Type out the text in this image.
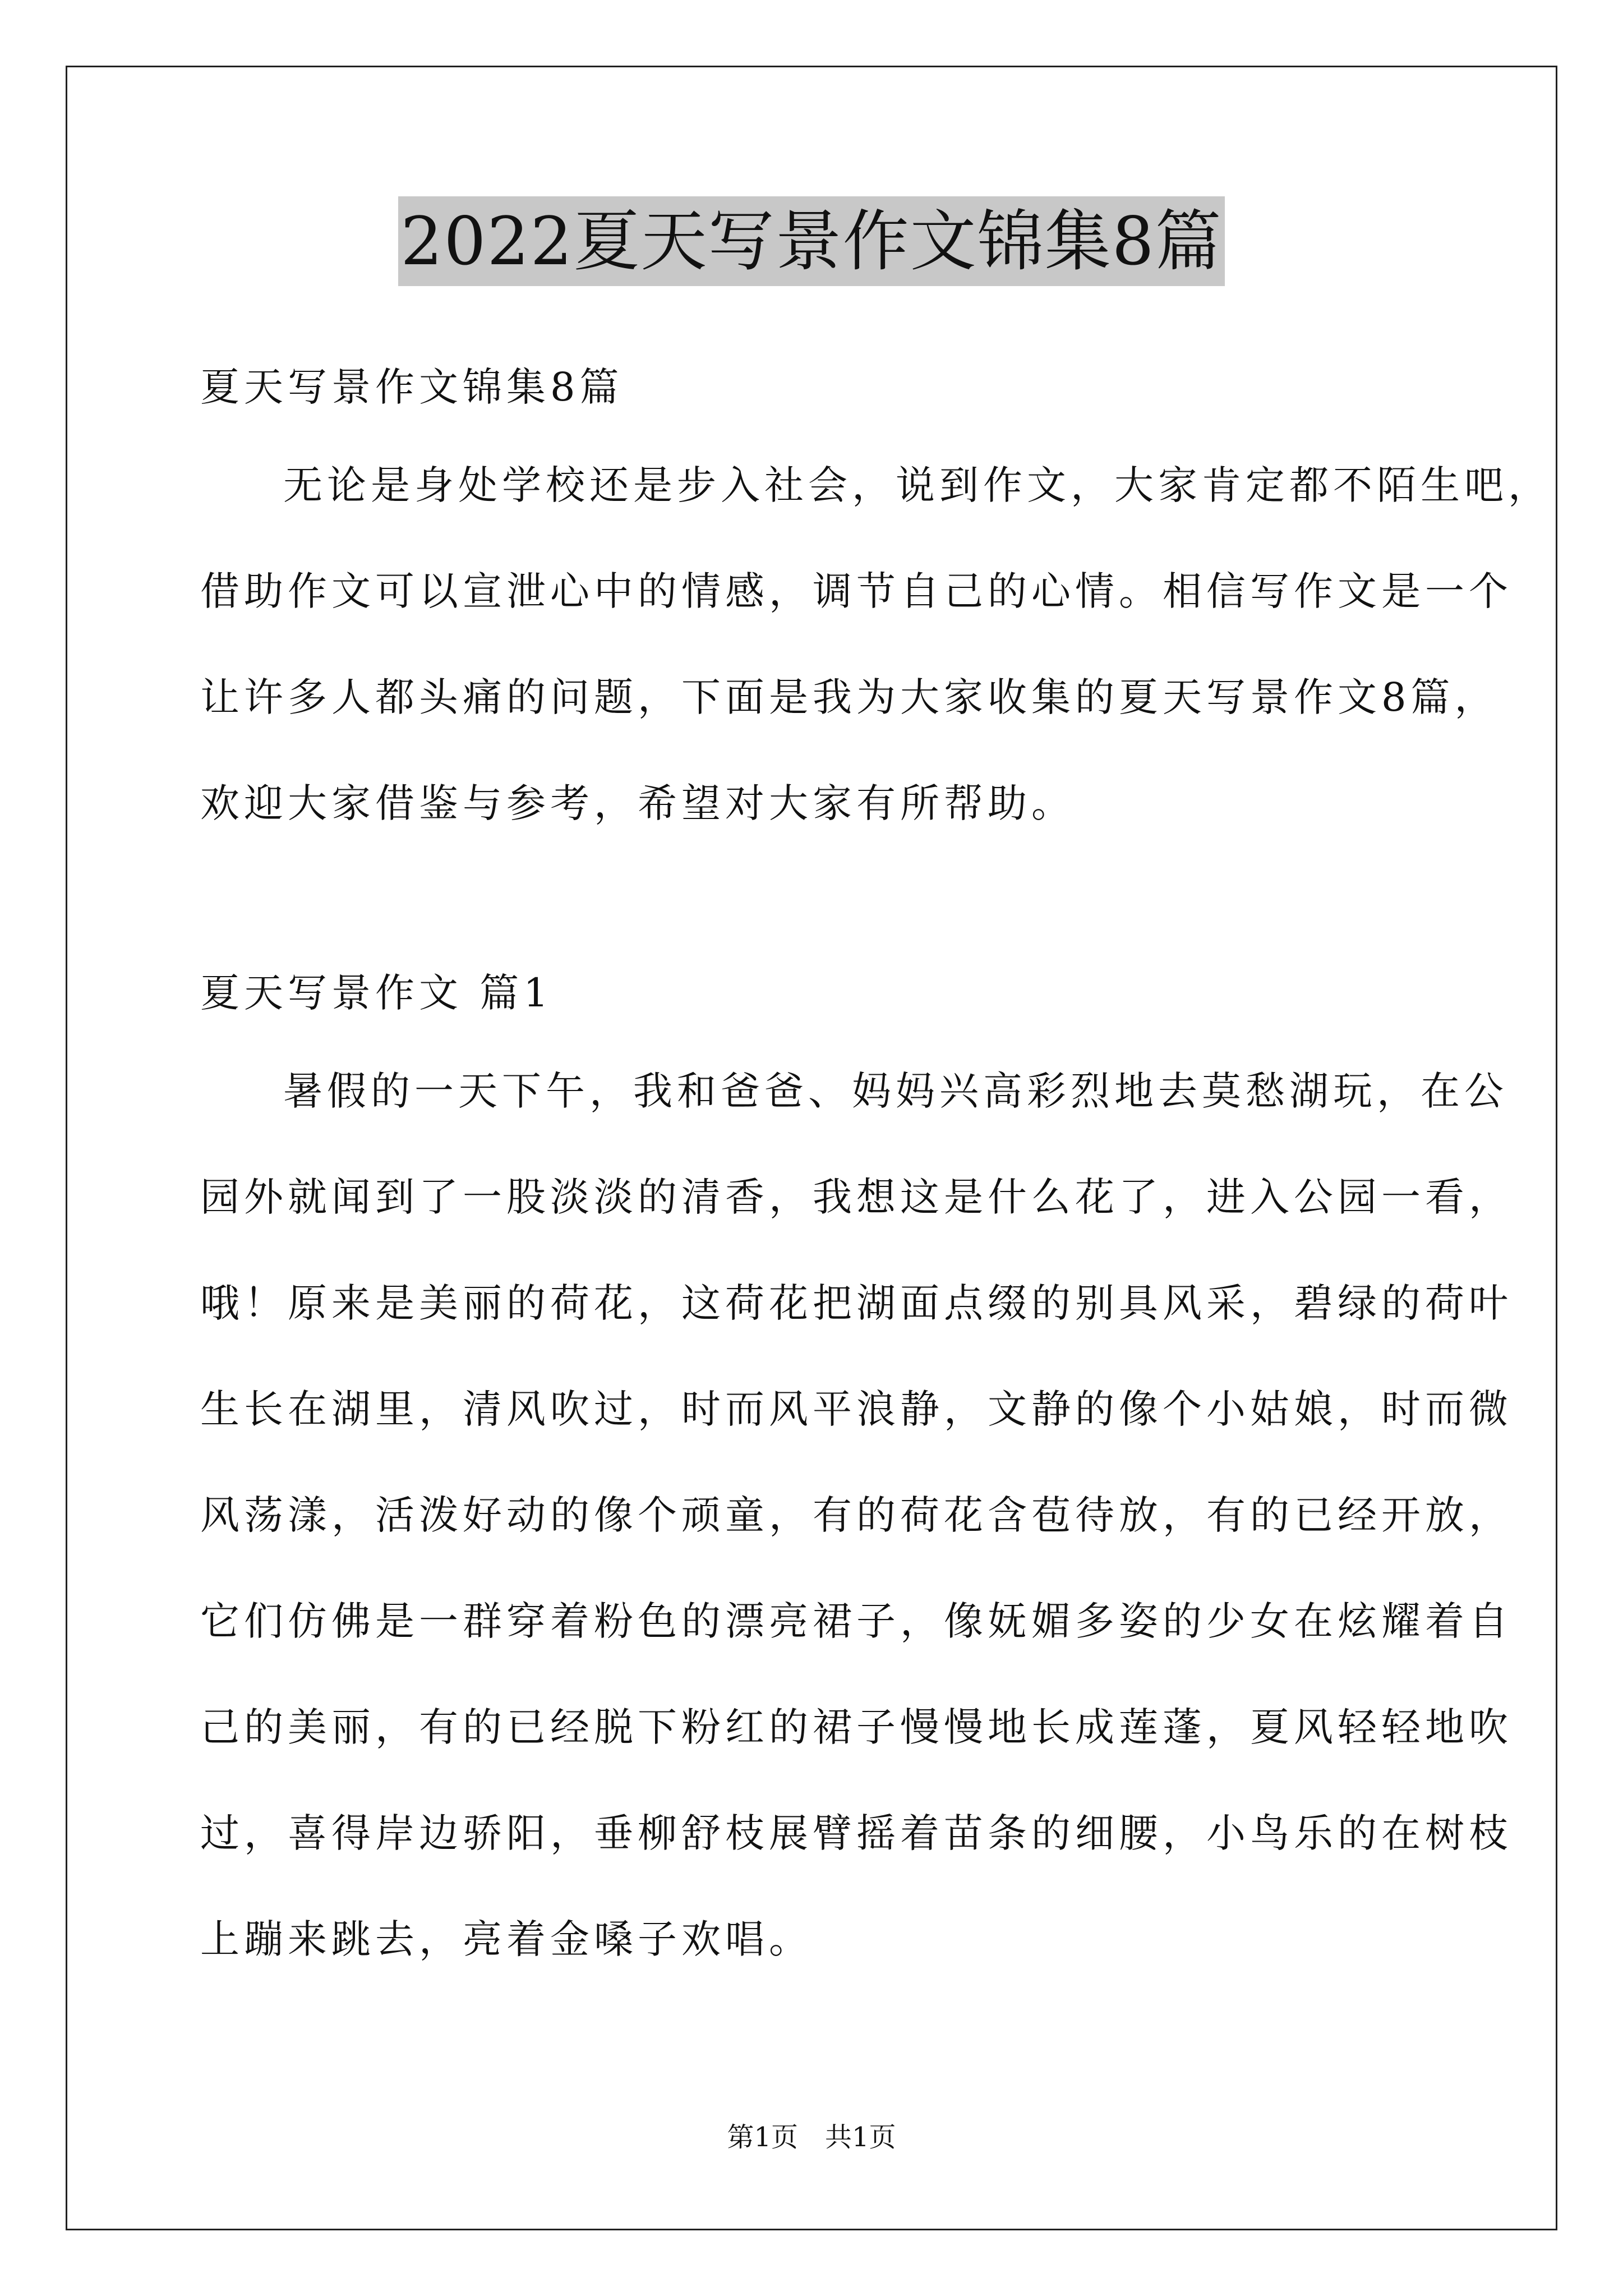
2022夏天写景作文锦集8篇
夏天写景作文锦集8篇
无论是身处学校还是步入社会，说到作文，大家肯定都不陌生吧，
借助作文可以宣泄心中的情感，调节自己的心情。相信写作文是一个
让许多人都头痛的问题，下面是我为大家收集的夏天写景作文8篇，
欢迎大家借鉴与参考，希望对大家有所帮助。
夏天写景作文 篇1
暑假的一天下午，我和爸爸、妈妈兴高彩烈地去莫愁湖玩，在公
园外就闻到了一股淡淡的清香，我想这是什么花了，进入公园一看，
哦！原来是美丽的荷花，这荷花把湖面点缀的别具风采，碧绿的荷叶
生长在湖里，清风吹过，时而风平浪静，文静的像个小姑娘，时而微
风荡漾，活泼好动的像个顽童，有的荷花含苞待放，有的已经开放，
它们仿佛是一群穿着粉色的漂亮裙子，像妩媚多姿的少女在炫耀着自
己的美丽，有的已经脱下粉红的裙子慢慢地长成莲蓬，夏风轻轻地吹
过，喜得岸边骄阳，垂柳舒枝展臂摇着苗条的细腰，小鸟乐的在树枝
上蹦来跳去，亮着金嗓子欢唱。
第1页　共1页
